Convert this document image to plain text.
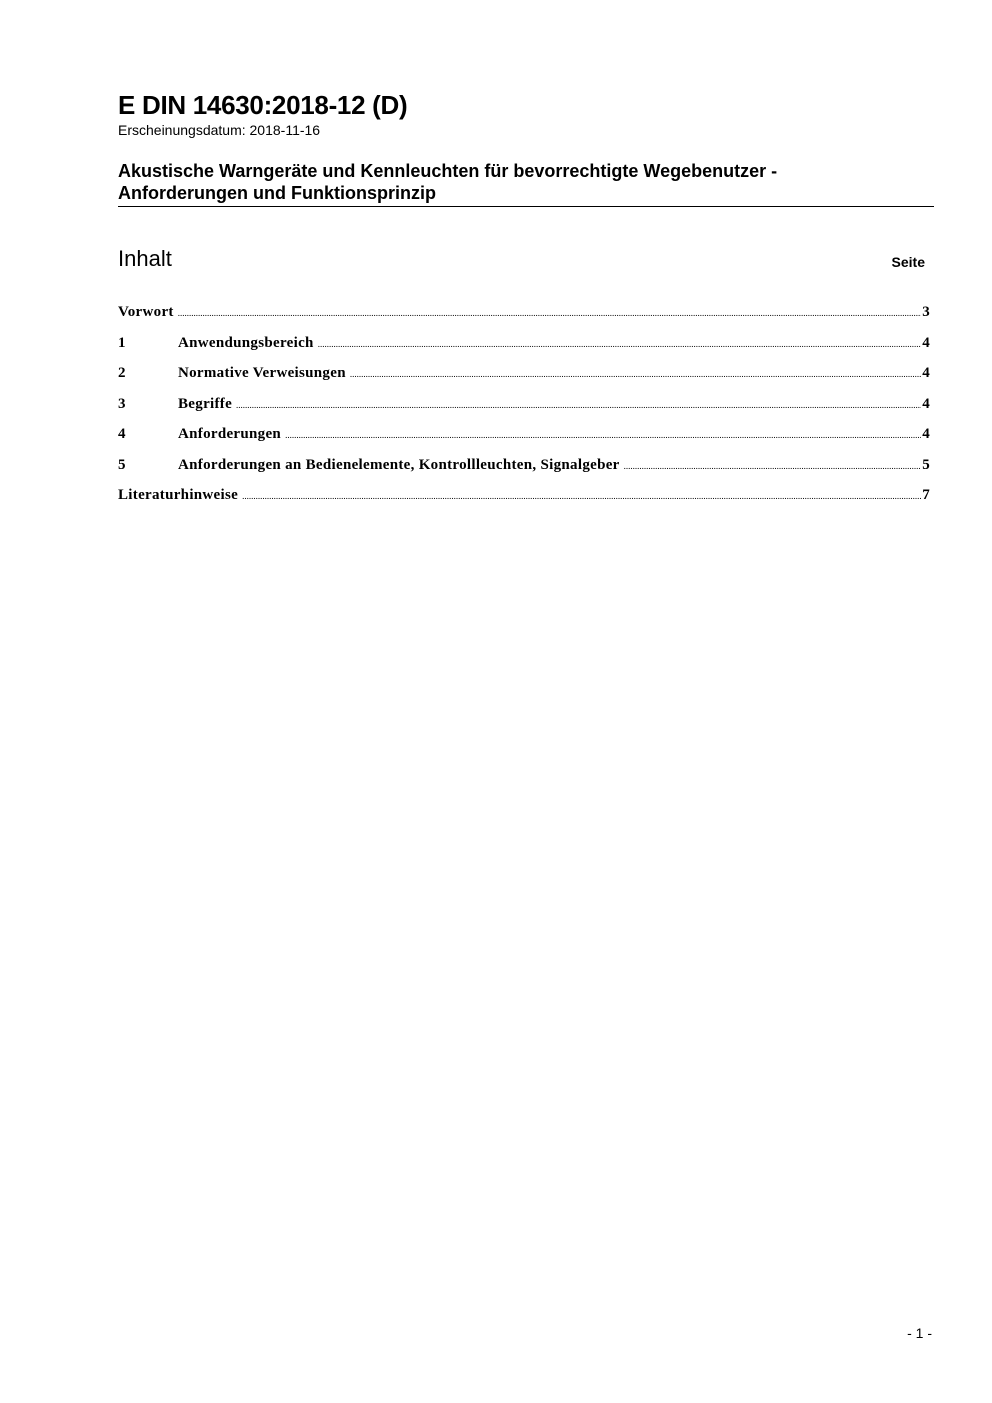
E DIN 14630:2018-12 (D)
Erscheinungsdatum: 2018-11-16
Akustische Warngeräte und Kennleuchten für bevorrechtigte Wegebenutzer -
Anforderungen und Funktionsprinzip
Inhalt	Seite
Vorwort .....	3
1	Anwendungsbereich .....	4
2	Normative Verweisungen .....	4
3	Begriffe .....	4
4	Anforderungen .....	4
5	Anforderungen an Bedienelemente, Kontrollleuchten, Signalgeber .....	5
Literaturhinweise .....	7
- 1 -
